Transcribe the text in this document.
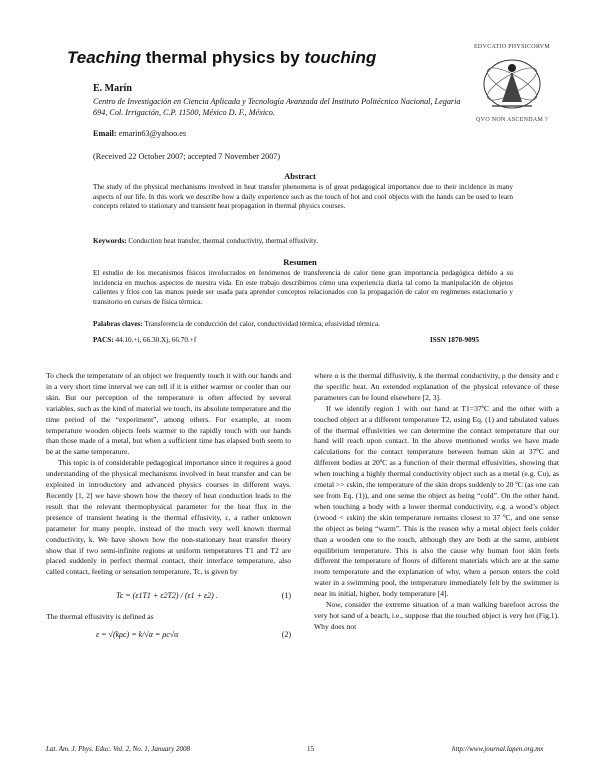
Teaching thermal physics by touching
E. Marín
Centro de Investigación en Ciencia Aplicada y Tecnología Avanzada del Instituto Politécnico Nacional, Legaria 694, Col. Irrigación, C.P. 11500, México D. F., México.
Email: emarin63@yahoo.es
(Received 22 October 2007; accepted 7 November 2007)
EDVCATIO PHYSICORVM
QVO NON ASCENDAM ?
Abstract
The study of the physical mechanisms involved in heat transfer phenomena is of great pedagogical importance due to their incidence in many aspects of our life. In this work we describe how a daily experience such as the touch of hot and cool objects with the hands can be used to learn concepts related to stationary and transient heat propagation in thermal physics courses.
Keywords: Conduction heat transfer, thermal conductivity, thermal effusivity.
Resumen
El estudio de los mecanismos físicos involucrados en fenómenos de transferencia de calor tiene gran importancia pedagógica debido a su incidencia en muchos aspectos de nuestra vida. En este trabajo describimos cómo una experiencia diaria tal como la manipulación de objetos calientes y fríos con las manos puede ser usada para aprender conceptos relacionados con la propagación de calor en regímenes estacionario y transitorio en cursos de física térmica.
Palabras claves: Transferencia de conducción del calor, conductividad térmica, efusividad térmica.
PACS: 44.10.+i, 66.30.Xj, 66.70.+f	ISSN 1870-9095

To check the temperature of an object we frequently touch it with our hands and in a very short time interval we can tell if it is either warmer or cooler than our skin. But our perception of the temperature is often affected by several variables, such as the kind of material we touch, its absolute temperature and the time period of the “experiment”, among others. For example, at room temperature wooden objects feels warmer to the rapidly touch with our hands than those made of a metal, but when a sufficient time has elapsed both seem to be at the same temperature.

This topic is of considerable pedagogical importance since it requires a good understanding of the physical mechanisms involved in heat transfer and can be exploited in introductory and advanced physics courses in different ways. Recently [1, 2] we have shown how the theory of heat conduction leads to the result that the relevant thermophysical parameter for the heat flux in the presence of transient heating is the thermal effusivity, ε, a rather unknown parameter for many people, instead of the much very well known thermal conductivity, k. We have shown how the non-stationary heat transfer theory show that if two semi-infinite regions at uniform temperatures T1 and T2 are placed suddenly in perfect thermal contact, their interface temperature, also called contact, feeling or sensation temperature, Tc, is given by

Tc = (ε1T1 + ε2T2) / (ε1 + ε2) .	(1)

The thermal effusivity is defined as

ε = √(kρc) = k/√α = ρc√α	(2)

where α is the thermal diffusivity, k the thermal conductivity, ρ the density and c the specific heat. An extended explanation of the physical relevance of these parameters can be found elsewhere [2, 3].

If we identify region 1 with our hand at T1=37ºC and the other with a touched object at a different temperature T2, using Eq. (1) and tabulated values of the thermal effusivities we can determine the contact temperature that our hand will reach upon contact. In the above mentioned works we have made calculations for the contact temperature between human skin at 37ºC and different bodies at 20ºC as a function of their thermal effusivities, showing that when touching a highly thermal conductivity object such as a metal (e.g. Cu), as εmetal >> εskin, the temperature of the skin drops suddenly to 20 ºC (as one can see from Eq. (1)), and one sense the object as being “cold”. On the other hand, when touching a body with a lower thermal conductivity, e.g. a wood’s object (εwood < εskin) the skin temperature remains closest to 37 ºC, and one sense the object as being “warm”. This is the reason why a metal object feels colder than a wooden one to the touch, although they are both at the same, ambient equilibrium temperature. This is also the cause why human foot skin feels different the temperature of floors of different materials which are at the same room temperature and the explanation of why, when a person enters the cold water in a swimming pool, the temperature immediately felt by the swimmer is near its initial, higher, body temperature [4].

Now, consider the extreme situation of a man walking barefoot across the very hot sand of a beach, i.e., suppose that the touched object is very hot (Fig.1). Why does not

Lat. Am. J. Phys. Educ. Vol. 2, No. 1, January 2008	15	http://www.journal.lapen.org.mx
